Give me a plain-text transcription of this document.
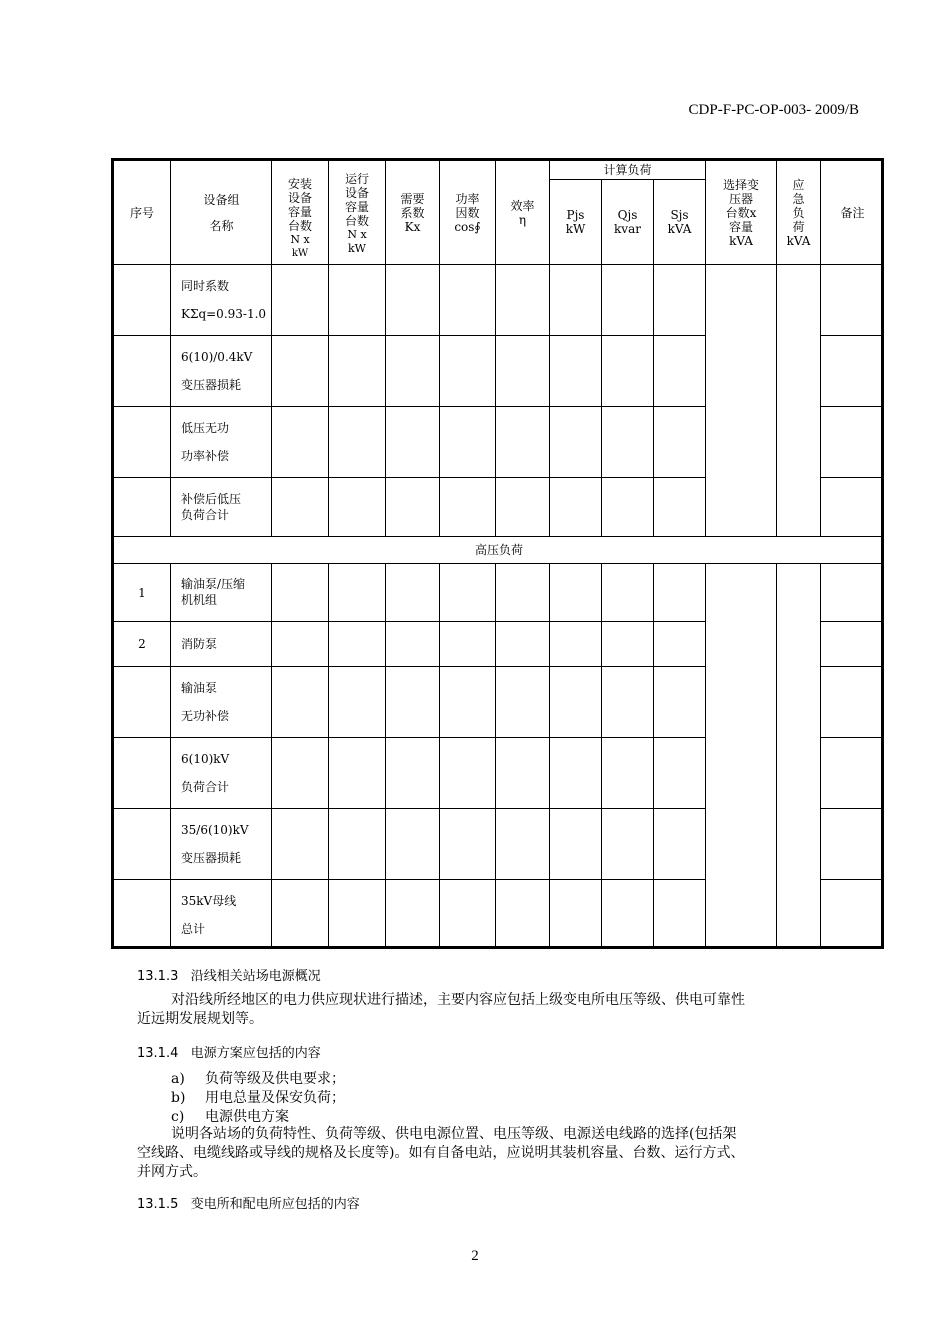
CDP-F-PC-OP-003- 2009/B
序号
设备组
名称
安装
设备
容量
台数
N x
kW
运行
设备
容量
台数
N x
kW
需要
系数
Kx
功率
因数
cos∮
效率
η
计算负荷
Pjs
kW
Qjs
kvar
Sjs
kVA
选择变
压器
台数x
容量
kVA
应
急
负
荷
kVA
备注
同时系数
KΣq=0.93-1.0
6(10)/0.4kV
变压器损耗
低压无功
功率补偿
补偿后低压
负荷合计
高压负荷
1
输油泵/压缩
机机组
2	消防泵
输油泵
无功补偿
6(10)kV
负荷合计
35/6(10)kV
变压器损耗
35kV母线
总计
13.1.3 沿线相关站场电源概况
对沿线所经地区的电力供应现状进行描述，主要内容应包括上级变电所电压等级、供电可靠性
近远期发展规划等。
13.1.4 电源方案应包括的内容
a) 负荷等级及供电要求；
b) 用电总量及保安负荷；
c) 电源供电方案
说明各站场的负荷特性、负荷等级、供电电源位置、电压等级、电源送电线路的选择(包括架
空线路、电缆线路或导线的规格及长度等)。如有自备电站，应说明其装机容量、台数、运行方式、
并网方式。
13.1.5 变电所和配电所应包括的内容
2
